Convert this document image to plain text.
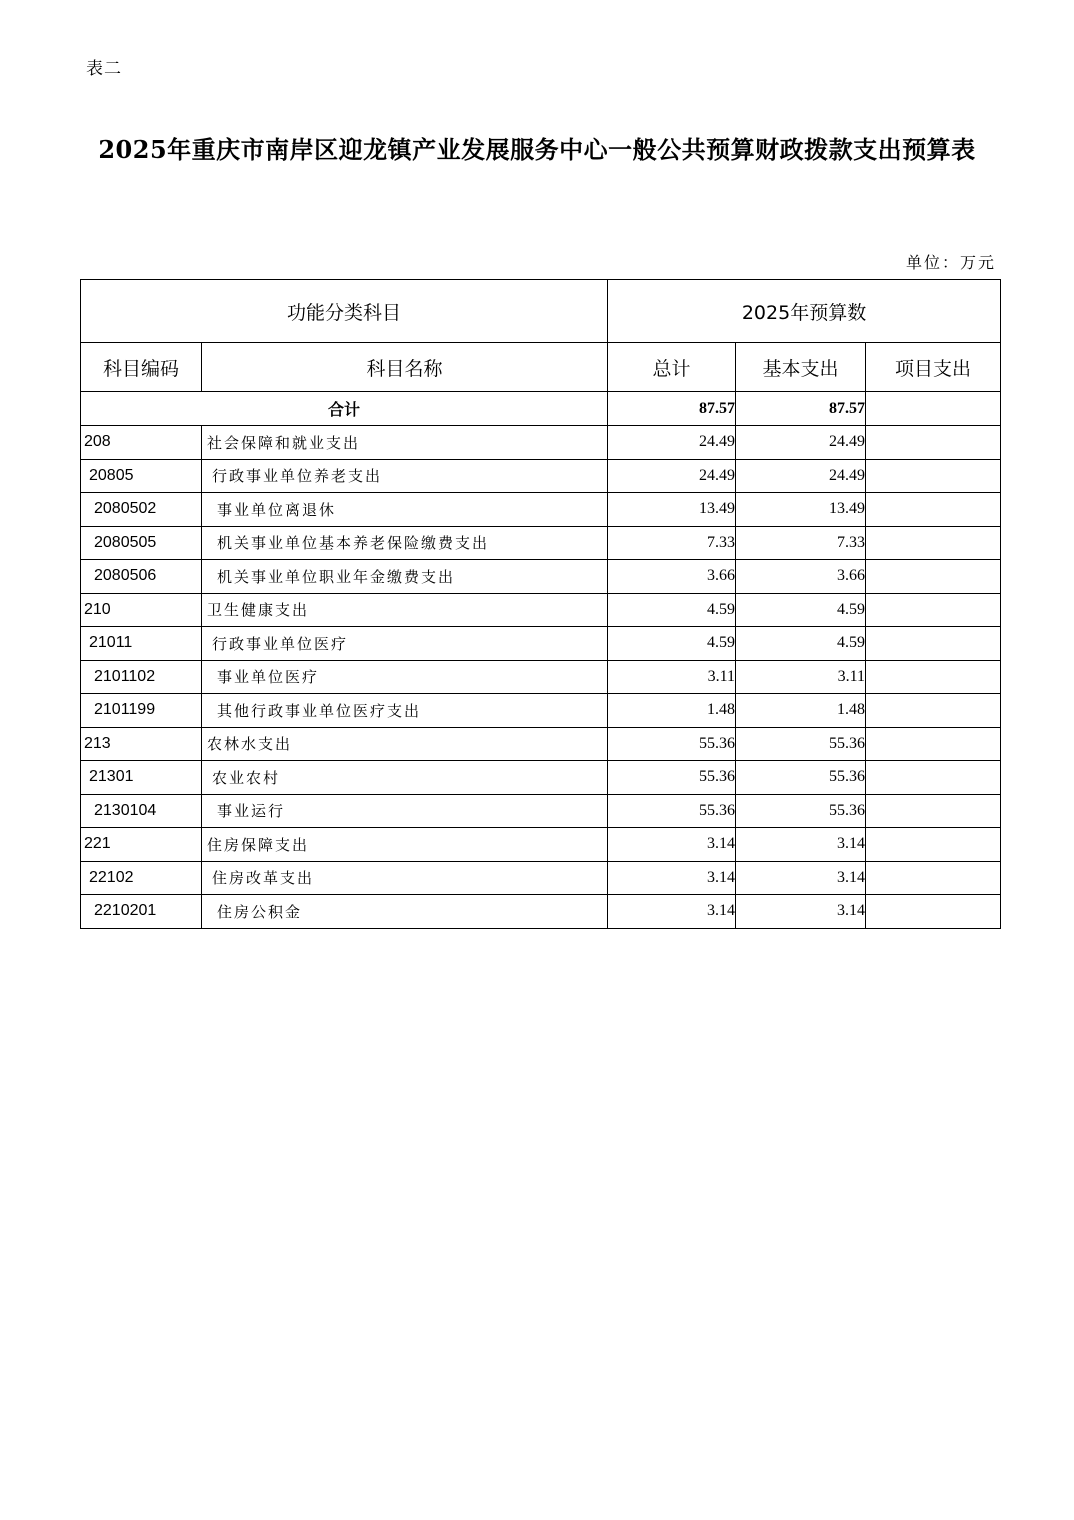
表二
2025年重庆市南岸区迎龙镇产业发展服务中心一般公共预算财政拨款支出预算表
单位：万元
功能分类科目		2025年预算数		
科目编码	科目名称	总计	基本支出	项目支出
合计		87.57	87.57	
208	社会保障和就业支出	24.49	24.49	
20805	行政事业单位养老支出	24.49	24.49	
2080502	事业单位离退休	13.49	13.49	
2080505	机关事业单位基本养老保险缴费支出	7.33	7.33	
2080506	机关事业单位职业年金缴费支出	3.66	3.66	
210	卫生健康支出	4.59	4.59	
21011	行政事业单位医疗	4.59	4.59	
2101102	事业单位医疗	3.11	3.11	
2101199	其他行政事业单位医疗支出	1.48	1.48	
213	农林水支出	55.36	55.36	
21301	农业农村	55.36	55.36	
2130104	事业运行	55.36	55.36	
221	住房保障支出	3.14	3.14	
22102	住房改革支出	3.14	3.14	
2210201	住房公积金	3.14	3.14	
